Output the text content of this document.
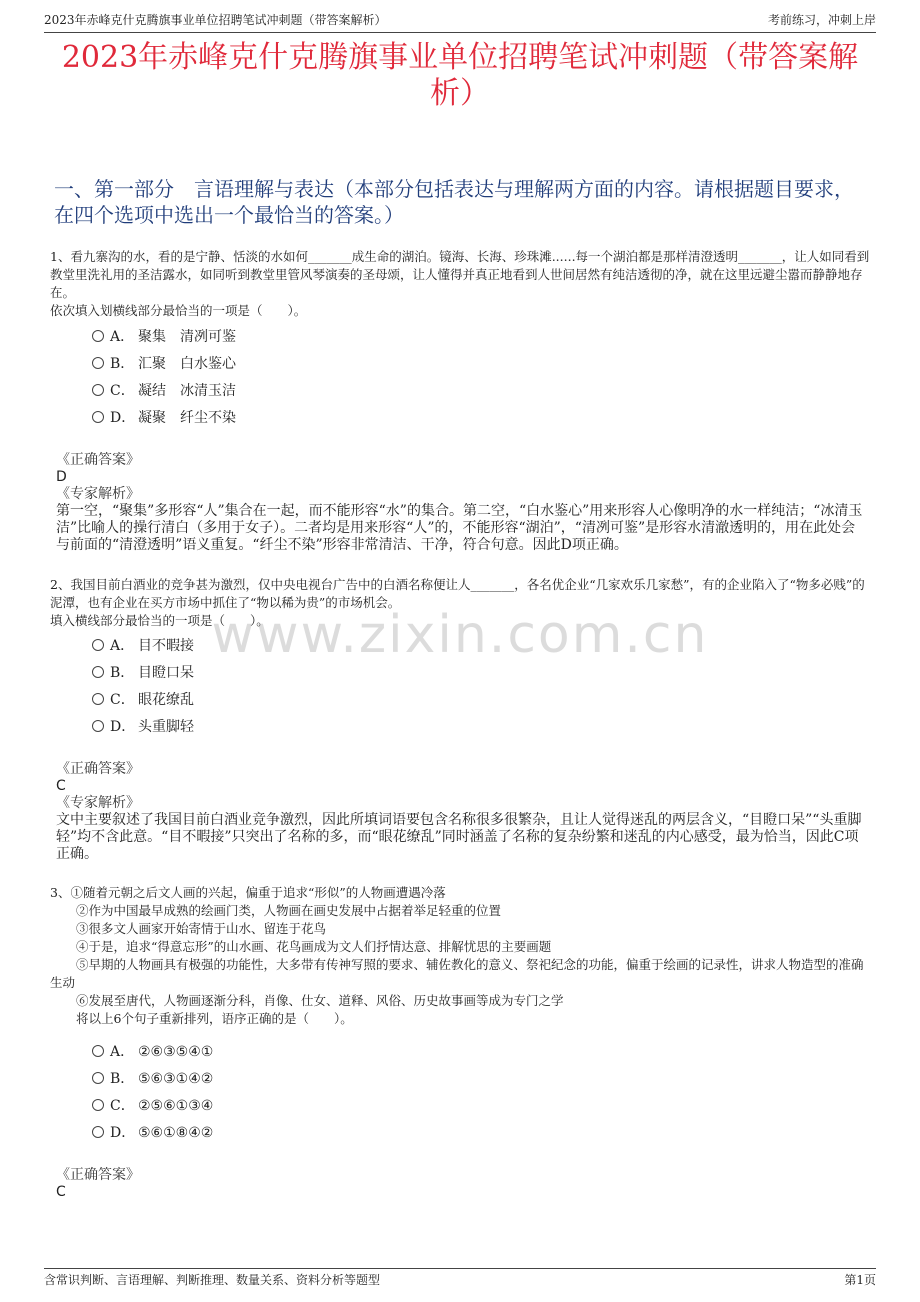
2023年赤峰克什克腾旗事业单位招聘笔试冲刺题（带答案解析）	考前练习，冲刺上岸
2023年赤峰克什克腾旗事业单位招聘笔试冲刺题（带答案解析）
一、第一部分　言语理解与表达（本部分包括表达与理解两方面的内容。请根据题目要求，在四个选项中选出一个最恰当的答案。）
www.zixin.com.cn

1、看九寨沟的水，看的是宁静、恬淡的水如何_______成生命的湖泊。镜海、长海、珍珠滩......每一个湖泊都是那样清澄透明_______，让人如同看到教堂里洗礼用的圣洁露水，如同听到教堂里管风琴演奏的圣母颂，让人懂得并真正地看到人世间居然有纯洁透彻的净，就在这里远避尘嚣而静静地存在。

依次填入划横线部分最恰当的一项是（　　）。

A． 聚集　清冽可鉴
B． 汇聚　白水鉴心
C． 凝结　冰清玉洁
D． 凝聚　纤尘不染
《正确答案》
D
《专家解析》
第一空，“聚集”多形容“人”集合在一起，而不能形容“水”的集合。第二空，“白水鉴心”用来形容人心像明净的水一样纯洁；“冰清玉洁”比喻人的操行清白（多用于女子）。二者均是用来形容“人”的，不能形容“湖泊”，“清冽可鉴”是形容水清澈透明的，用在此处会与前面的“清澄透明”语义重复。“纤尘不染”形容非常清洁、干净，符合句意。因此D项正确。

2、我国目前白酒业的竞争甚为激烈，仅中央电视台广告中的白酒名称便让人_______，各名优企业“几家欢乐几家愁”，有的企业陷入了“物多必贱”的泥潭，也有企业在买方市场中抓住了“物以稀为贵”的市场机会。

填入横线部分最恰当的一项是（　　）。

A． 目不暇接
B． 目瞪口呆
C． 眼花缭乱
D． 头重脚轻
《正确答案》
C
《专家解析》
文中主要叙述了我国目前白酒业竞争激烈，因此所填词语要包含名称很多很繁杂，且让人觉得迷乱的两层含义，“目瞪口呆”“头重脚轻”均不含此意。“目不暇接”只突出了名称的多，而“眼花缭乱”同时涵盖了名称的复杂纷繁和迷乱的内心感受，最为恰当，因此C项正确。

3、①随着元朝之后文人画的兴起，偏重于追求“形似”的人物画遭遇冷落

②作为中国最早成熟的绘画门类，人物画在画史发展中占据着举足轻重的位置

③很多文人画家开始寄情于山水、留连于花鸟

④于是，追求“得意忘形”的山水画、花鸟画成为文人们抒情达意、排解忧思的主要画题

⑤早期的人物画具有极强的功能性，大多带有传神写照的要求、辅佐教化的意义、祭祀纪念的功能，偏重于绘画的记录性，讲求人物造型的准确生动

⑥发展至唐代，人物画逐渐分科，肖像、仕女、道释、风俗、历史故事画等成为专门之学

将以上6个句子重新排列，语序正确的是（　　）。

A． ②⑥③⑤④①
B． ⑤⑥③①④②
C． ②⑤⑥①③④
D． ⑤⑥①⑧④②
《正确答案》
C
含常识判断、言语理解、判断推理、数量关系、资料分析等题型	第1页
